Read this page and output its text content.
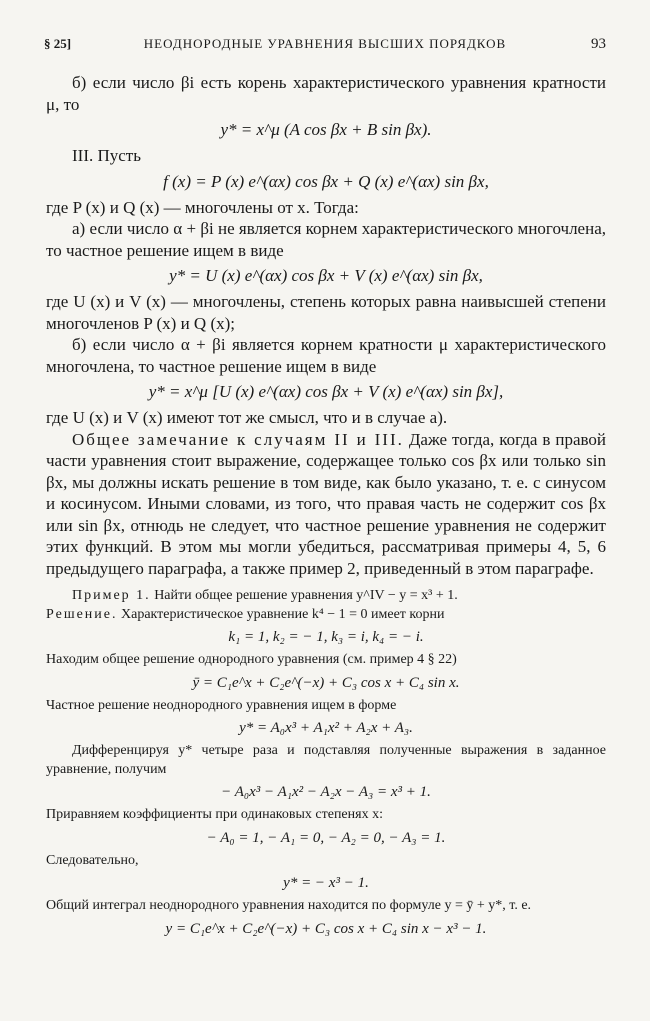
§ 25]	НЕОДНОРОДНЫЕ УРАВНЕНИЯ ВЫСШИХ ПОРЯДКОВ	93

б) если число βi есть корень характеристического уравнения кратности μ, то

y* = x^μ (A cos βx + B sin βx).

III. Пусть

f (x) = P (x) e^(αx) cos βx + Q (x) e^(αx) sin βx,

где P (x) и Q (x) — многочлены от x. Тогда:

а) если число α + βi не является корнем характеристического многочлена, то частное решение ищем в виде

y* = U (x) e^(αx) cos βx + V (x) e^(αx) sin βx,

где U (x) и V (x) — многочлены, степень которых равна наивысшей степени многочленов P (x) и Q (x);

б) если число α + βi является корнем кратности μ характеристического многочлена, то частное решение ищем в виде

y* = x^μ [U (x) e^(αx) cos βx + V (x) e^(αx) sin βx],

где U (x) и V (x) имеют тот же смысл, что и в случае а).

Общее замечание к случаям II и III. Даже тогда, когда в правой части уравнения стоит выражение, содержащее только cos βx или только sin βx, мы должны искать решение в том виде, как было указано, т. е. с синусом и косинусом. Иными словами, из того, что правая часть не содержит cos βx или sin βx, отнюдь не следует, что частное решение уравнения не содержит этих функций. В этом мы могли убедиться, рассматривая примеры 4, 5, 6 предыдущего параграфа, а также пример 2, приведенный в этом параграфе.

Пример 1. Найти общее решение уравнения y^IV − y = x³ + 1.

Решение. Характеристическое уравнение k⁴ − 1 = 0 имеет корни

k₁ = 1, k₂ = − 1, k₃ = i, k₄ = − i.

Находим общее решение однородного уравнения (см. пример 4 § 22)

ȳ = C₁e^x + C₂e^(−x) + C₃ cos x + C₄ sin x.

Частное решение неоднородного уравнения ищем в форме

y* = A₀x³ + A₁x² + A₂x + A₃.

Дифференцируя y* четыре раза и подставляя полученные выражения в заданное уравнение, получим

− A₀x³ − A₁x² − A₂x − A₃ = x³ + 1.

Приравняем коэффициенты при одинаковых степенях x:

− A₀ = 1, − A₁ = 0, − A₂ = 0, − A₃ = 1.

Следовательно,

y* = − x³ − 1.

Общий интеграл неоднородного уравнения находится по формуле y = ȳ + y*, т. е.

y = C₁e^x + C₂e^(−x) + C₃ cos x + C₄ sin x − x³ − 1.
